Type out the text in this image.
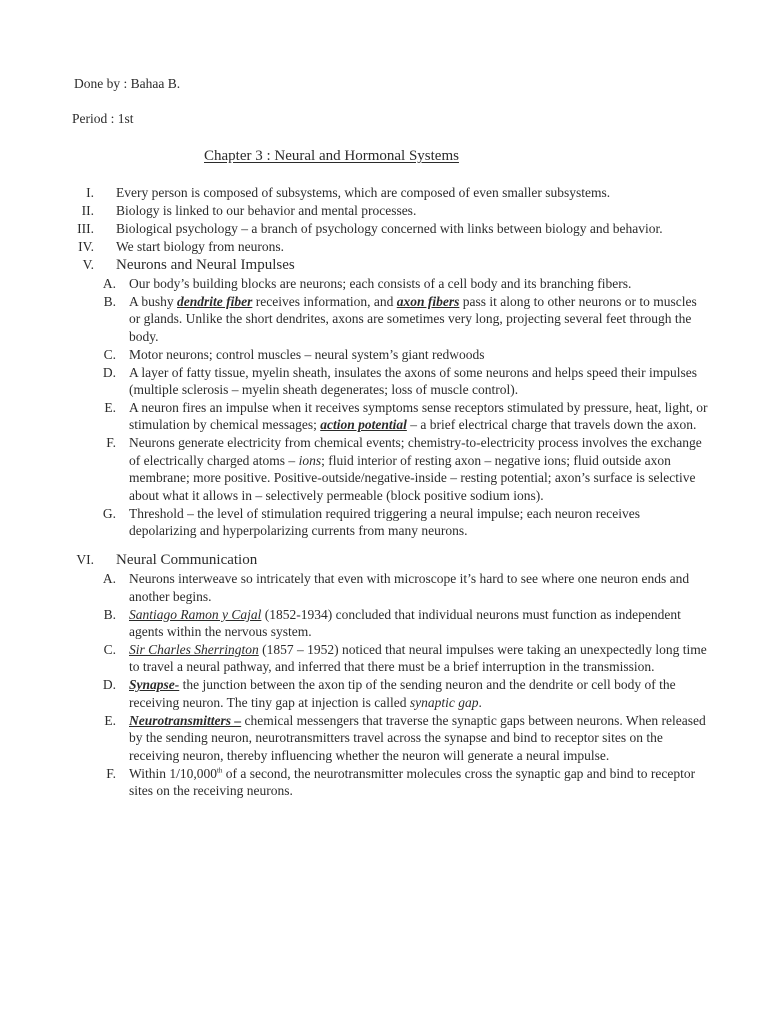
Done by : Bahaa B.
Period : 1st
Chapter 3 : Neural and Hormonal Systems
I.	Every person is composed of subsystems, which are composed of even smaller subsystems.
II.	Biology is linked to our behavior and mental processes.
III.	Biological psychology – a branch of psychology concerned with links between biology and behavior.
IV.	We start biology from neurons.
V.	Neurons and Neural Impulses
A. Our body’s building blocks are neurons; each consists of a cell body and its branching fibers.
B. A bushy dendrite fiber receives information, and axon fibers pass it along to other neurons or to muscles or glands. Unlike the short dendrites, axons are sometimes very long, projecting several feet through the body.
C. Motor neurons; control muscles – neural system’s giant redwoods
D. A layer of fatty tissue, myelin sheath, insulates the axons of some neurons and helps speed their impulses (multiple sclerosis – myelin sheath degenerates; loss of muscle control).
E. A neuron fires an impulse when it receives symptoms sense receptors stimulated by pressure, heat, light, or stimulation by chemical messages; action potential – a brief electrical charge that travels down the axon.
F. Neurons generate electricity from chemical events; chemistry-to-electricity process involves the exchange of electrically charged atoms – ions; fluid interior of resting axon – negative ions; fluid outside axon membrane; more positive. Positive-outside/negative-inside – resting potential; axon’s surface is selective about what it allows in – selectively permeable (block positive sodium ions).
G. Threshold – the level of stimulation required triggering a neural impulse; each neuron receives depolarizing and hyperpolarizing currents from many neurons.
VI.	Neural Communication
A. Neurons interweave so intricately that even with microscope it’s hard to see where one neuron ends and another begins.
B. Santiago Ramon y Cajal (1852-1934) concluded that individual neurons must function as independent agents within the nervous system.
C. Sir Charles Sherrington (1857 – 1952) noticed that neural impulses were taking an unexpectedly long time to travel a neural pathway, and inferred that there must be a brief interruption in the transmission.
D. Synapse- the junction between the axon tip of the sending neuron and the dendrite or cell body of the receiving neuron. The tiny gap at injection is called synaptic gap.
E. Neurotransmitters – chemical messengers that traverse the synaptic gaps between neurons. When released by the sending neuron, neurotransmitters travel across the synapse and bind to receptor sites on the receiving neuron, thereby influencing whether the neuron will generate a neural impulse.
F. Within 1/10,000th of a second, the neurotransmitter molecules cross the synaptic gap and bind to receptor sites on the receiving neurons.
